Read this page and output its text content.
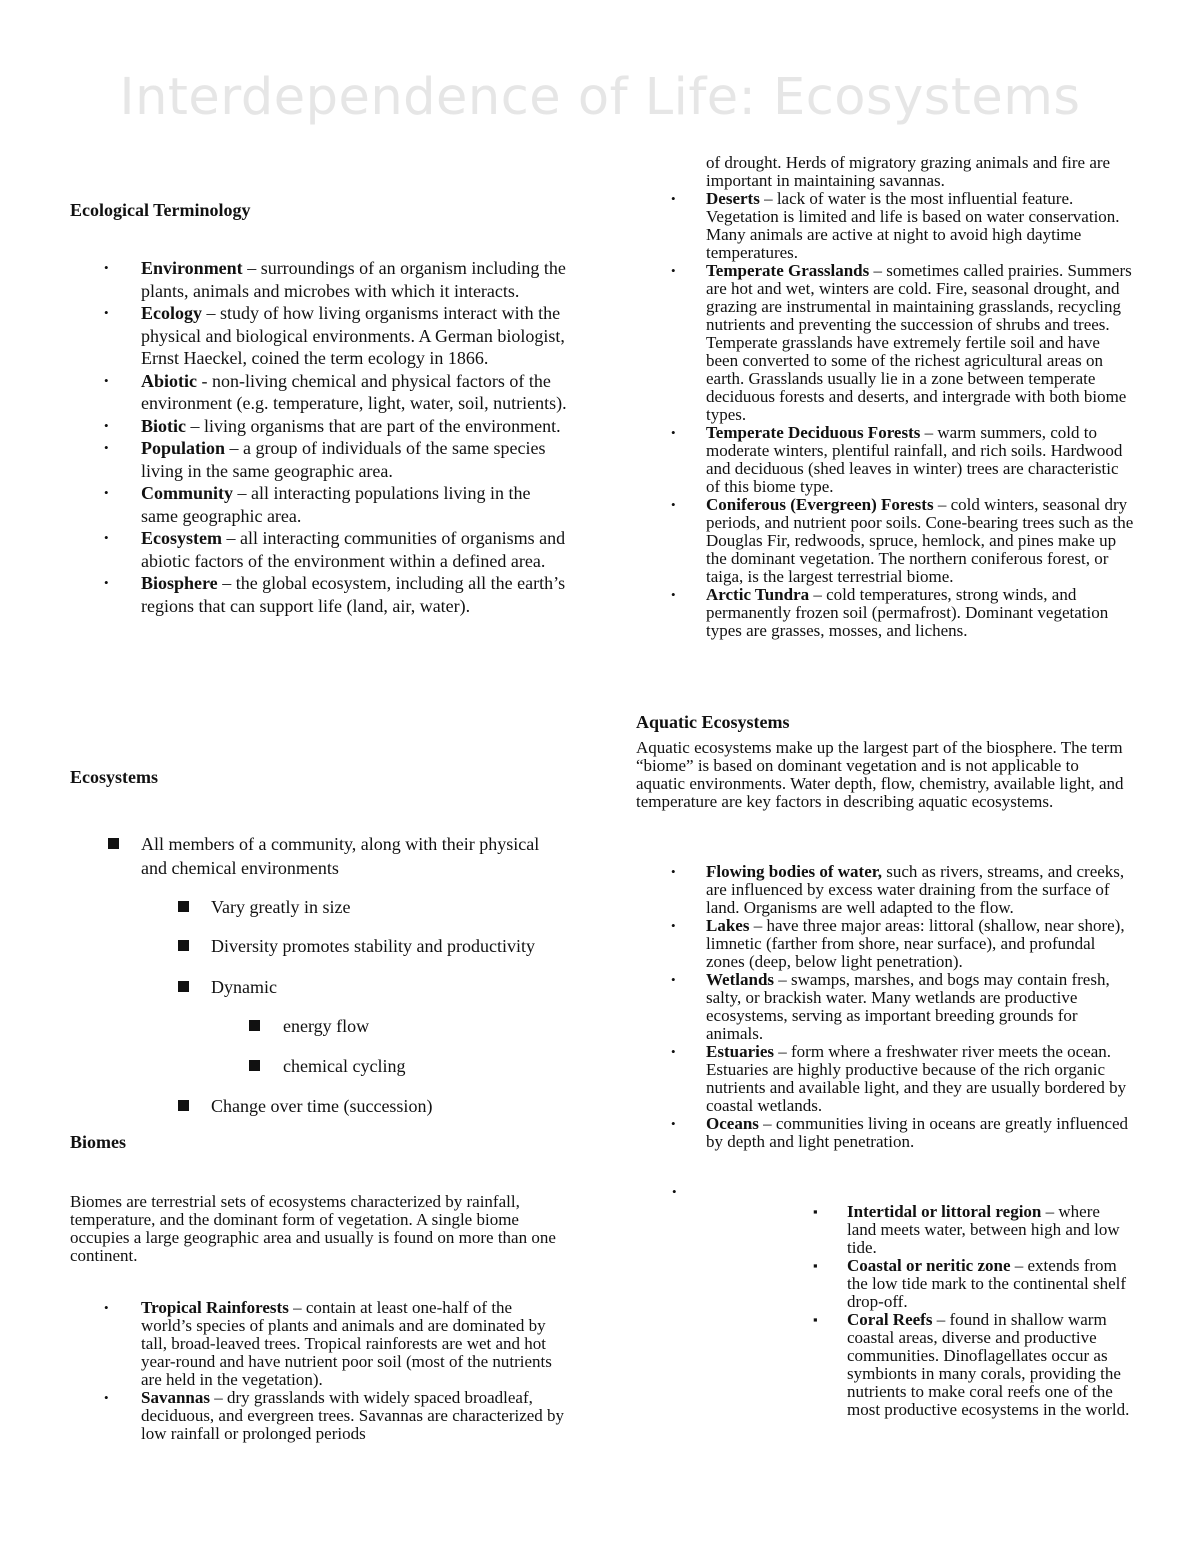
Interdependence of Life: Ecosystems
Ecological Terminology
• Environment – surroundings of an organism including the plants, animals and microbes with which it interacts.
• Ecology – study of how living organisms interact with the physical and biological environments. A German biologist, Ernst Haeckel, coined the term ecology in 1866.
• Abiotic - non-living chemical and physical factors of the environment (e.g. temperature, light, water, soil, nutrients).
• Biotic – living organisms that are part of the environment.
• Population – a group of individuals of the same species living in the same geographic area.
• Community – all interacting populations living in the same geographic area.
• Ecosystem – all interacting communities of organisms and abiotic factors of the environment within a defined area.
• Biosphere – the global ecosystem, including all the earth’s regions that can support life (land, air, water).
Ecosystems
All members of a community, along with their physical and chemical environments
Vary greatly in size
Diversity promotes stability and productivity
Dynamic
energy flow
chemical cycling
Change over time (succession)
Biomes
Biomes are terrestrial sets of ecosystems characterized by rainfall, temperature, and the dominant form of vegetation. A single biome occupies a large geographic area and usually is found on more than one continent.
• Tropical Rainforests – contain at least one-half of the world’s species of plants and animals and are dominated by tall, broad-leaved trees. Tropical rainforests are wet and hot year-round and have nutrient poor soil (most of the nutrients are held in the vegetation).
• Savannas – dry grasslands with widely spaced broadleaf, deciduous, and evergreen trees. Savannas are characterized by low rainfall or prolonged periods
of drought. Herds of migratory grazing animals and fire are important in maintaining savannas.
• Deserts – lack of water is the most influential feature. Vegetation is limited and life is based on water conservation. Many animals are active at night to avoid high daytime temperatures.
• Temperate Grasslands – sometimes called prairies. Summers are hot and wet, winters are cold. Fire, seasonal drought, and grazing are instrumental in maintaining grasslands, recycling nutrients and preventing the succession of shrubs and trees. Temperate grasslands have extremely fertile soil and have been converted to some of the richest agricultural areas on earth. Grasslands usually lie in a zone between temperate deciduous forests and deserts, and intergrade with both biome types.
• Temperate Deciduous Forests – warm summers, cold to moderate winters, plentiful rainfall, and rich soils. Hardwood and deciduous (shed leaves in winter) trees are characteristic of this biome type.
• Coniferous (Evergreen) Forests – cold winters, seasonal dry periods, and nutrient poor soils. Cone-bearing trees such as the Douglas Fir, redwoods, spruce, hemlock, and pines make up the dominant vegetation. The northern coniferous forest, or taiga, is the largest terrestrial biome.
• Arctic Tundra – cold temperatures, strong winds, and permanently frozen soil (permafrost). Dominant vegetation types are grasses, mosses, and lichens.
Aquatic Ecosystems
Aquatic ecosystems make up the largest part of the biosphere. The term “biome” is based on dominant vegetation and is not applicable to aquatic environments. Water depth, flow, chemistry, available light, and temperature are key factors in describing aquatic ecosystems.
• Flowing bodies of water, such as rivers, streams, and creeks, are influenced by excess water draining from the surface of land. Organisms are well adapted to the flow.
• Lakes – have three major areas: littoral (shallow, near shore), limnetic (farther from shore, near surface), and profundal zones (deep, below light penetration).
• Wetlands – swamps, marshes, and bogs may contain fresh, salty, or brackish water. Many wetlands are productive ecosystems, serving as important breeding grounds for animals.
• Estuaries – form where a freshwater river meets the ocean. Estuaries are highly productive because of the rich organic nutrients and available light, and they are usually bordered by coastal wetlands.
• Oceans – communities living in oceans are greatly influenced by depth and light penetration.
•
▪ Intertidal or littoral region – where land meets water, between high and low tide.
▪ Coastal or neritic zone – extends from the low tide mark to the continental shelf drop-off.
▪ Coral Reefs – found in shallow warm coastal areas, diverse and productive communities. Dinoflagellates occur as symbionts in many corals, providing the nutrients to make coral reefs one of the most productive ecosystems in the world.
